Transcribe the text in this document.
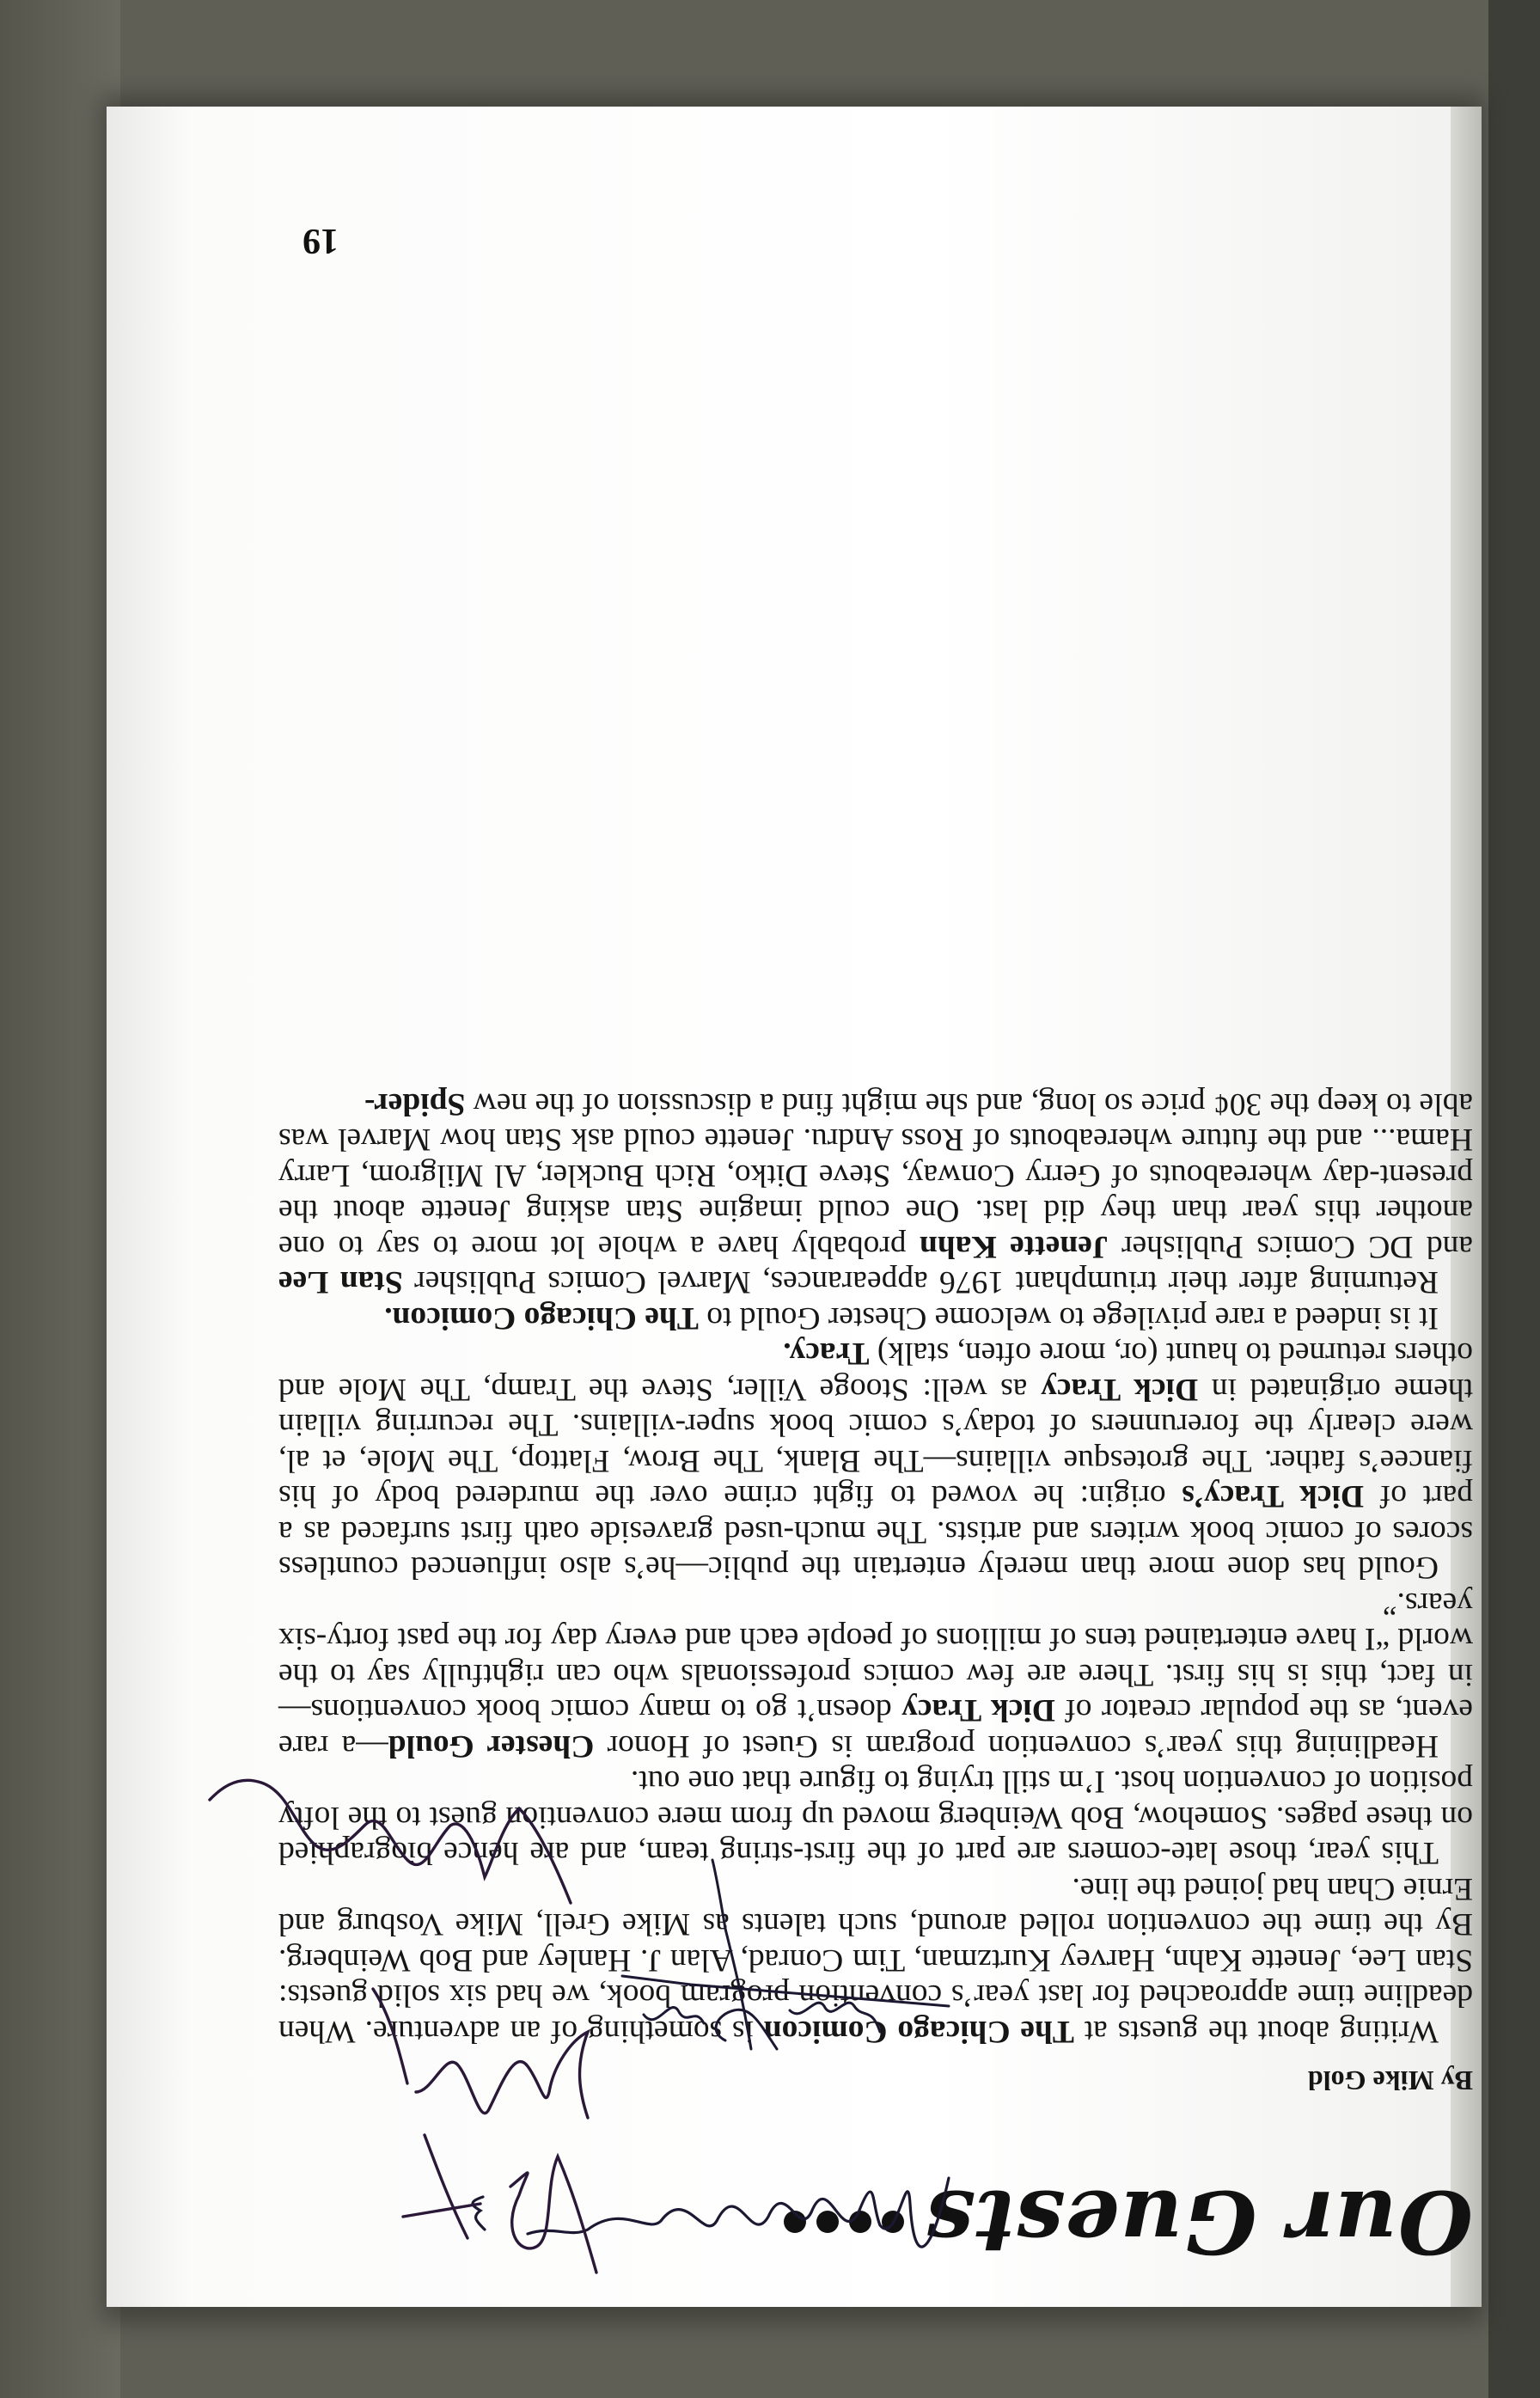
Our Guests
By Mike Gold

Writing about the guests at The Chicago Comicon is something of an adventure. When deadline time approached for last year’s convention program book, we had six solid guests: Stan Lee, Jenette Kahn, Harvey Kurtzman, Tim Conrad, Alan J. Hanley and Bob Weinberg. By the time the convention rolled around, such talents as Mike Grell, Mike Vosburg and Ernie Chan had joined the line.

This year, those late-comers are part of the first-string team, and are hence biographied on these pages. Somehow, Bob Weinberg moved up from mere convention guest to the lofty position of convention host. I’m still trying to figure that one out.

Headlining this year’s convention program is Guest of Honor Chester Gould—a rare event, as the popular creator of Dick Tracy doesn’t go to many comic book conventions—in fact, this is his first. There are few comics professionals who can rightfully say to the world “I have entertained tens of millions of people each and every day for the past forty-six years.”

Gould has done more than merely entertain the public—he’s also influenced countless scores of comic book writers and artists. The much-used graveside oath first surfaced as a part of Dick Tracy’s origin: he vowed to fight crime over the murdered body of his fiancee’s father. The grotesque villains—The Blank, The Brow, Flattop, The Mole, et al, were clearly the forerunners of today’s comic book super-villains. The recurring villain theme originated in Dick Tracy as well: Stooge Viller, Steve the Tramp, The Mole and others returned to haunt (or, more often, stalk) Tracy.

It is indeed a rare privilege to welcome Chester Gould to The Chicago Comicon.

Returning after their triumphant 1976 appearances, Marvel Comics Publisher Stan Lee and DC Comics Publisher Jenette Kahn probably have a whole lot more to say to one another this year than they did last. One could imagine Stan asking Jenette about the present-day whereabouts of Gerry Conway, Steve Ditko, Rich Buckler, Al Milgrom, Larry Hama... and the future whereabouts of Ross Andru. Jenette could ask Stan how Marvel was able to keep the 30¢ price so long, and she might find a discussion of the new Spider-

19
